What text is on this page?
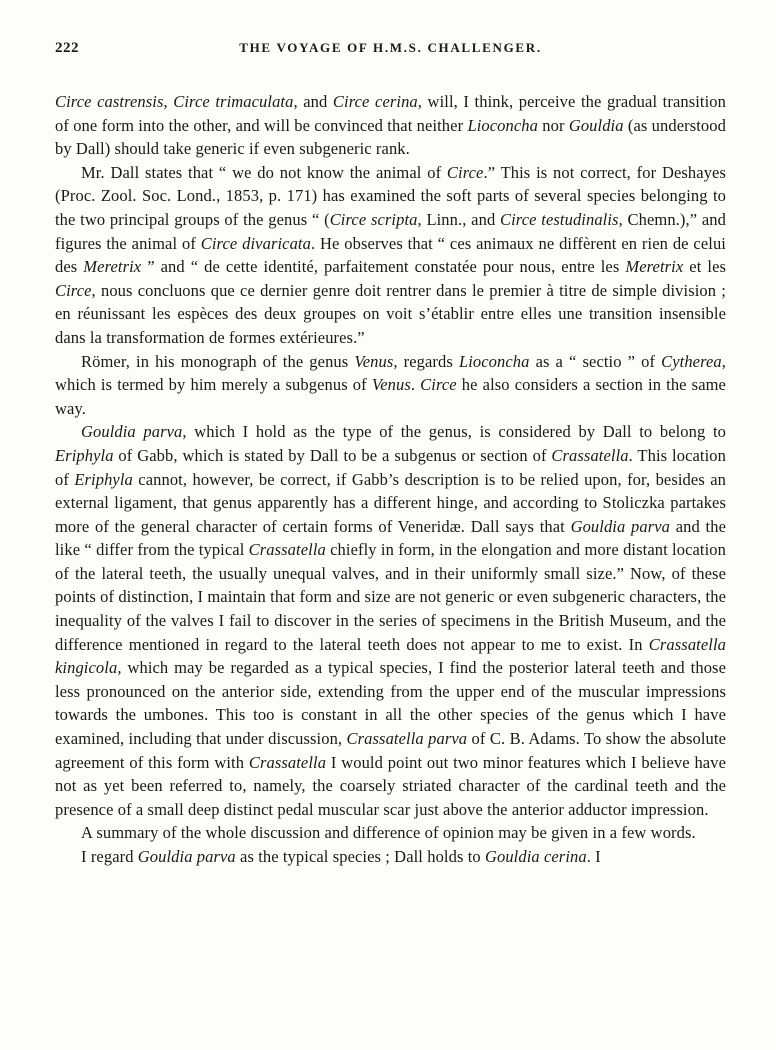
222	THE VOYAGE OF H.M.S. CHALLENGER.

Circe castrensis, Circe trimaculata, and Circe cerina, will, I think, perceive the gradual transition of one form into the other, and will be convinced that neither Lioconcha nor Gouldia (as understood by Dall) should take generic if even subgeneric rank.

Mr. Dall states that “ we do not know the animal of Circe.” This is not correct, for Deshayes (Proc. Zool. Soc. Lond., 1853, p. 171) has examined the soft parts of several species belonging to the two principal groups of the genus “ (Circe scripta, Linn., and Circe testudinalis, Chemn.),” and figures the animal of Circe divaricata. He observes that “ ces animaux ne diffèrent en rien de celui des Meretrix ” and “ de cette identité, parfaitement constatée pour nous, entre les Meretrix et les Circe, nous concluons que ce dernier genre doit rentrer dans le premier à titre de simple division ; en réunissant les espèces des deux groupes on voit s’établir entre elles une transition insensible dans la transformation de formes extérieures.”

Römer, in his monograph of the genus Venus, regards Lioconcha as a “ sectio ” of Cytherea, which is termed by him merely a subgenus of Venus. Circe he also considers a section in the same way.

Gouldia parva, which I hold as the type of the genus, is considered by Dall to belong to Eriphyla of Gabb, which is stated by Dall to be a subgenus or section of Crassatella. This location of Eriphyla cannot, however, be correct, if Gabb’s description is to be relied upon, for, besides an external ligament, that genus apparently has a different hinge, and according to Stoliczka partakes more of the general character of certain forms of Veneridæ. Dall says that Gouldia parva and the like “ differ from the typical Crassatella chiefly in form, in the elongation and more distant location of the lateral teeth, the usually unequal valves, and in their uniformly small size.” Now, of these points of distinction, I maintain that form and size are not generic or even subgeneric characters, the inequality of the valves I fail to discover in the series of specimens in the British Museum, and the difference mentioned in regard to the lateral teeth does not appear to me to exist. In Crassatella kingicola, which may be regarded as a typical species, I find the posterior lateral teeth and those less pronounced on the anterior side, extending from the upper end of the muscular impressions towards the umbones. This too is constant in all the other species of the genus which I have examined, including that under discussion, Crassatella parva of C. B. Adams. To show the absolute agreement of this form with Crassatella I would point out two minor features which I believe have not as yet been referred to, namely, the coarsely striated character of the cardinal teeth and the presence of a small deep distinct pedal muscular scar just above the anterior adductor impression.

A summary of the whole discussion and difference of opinion may be given in a few words.

I regard Gouldia parva as the typical species ; Dall holds to Gouldia cerina. I
